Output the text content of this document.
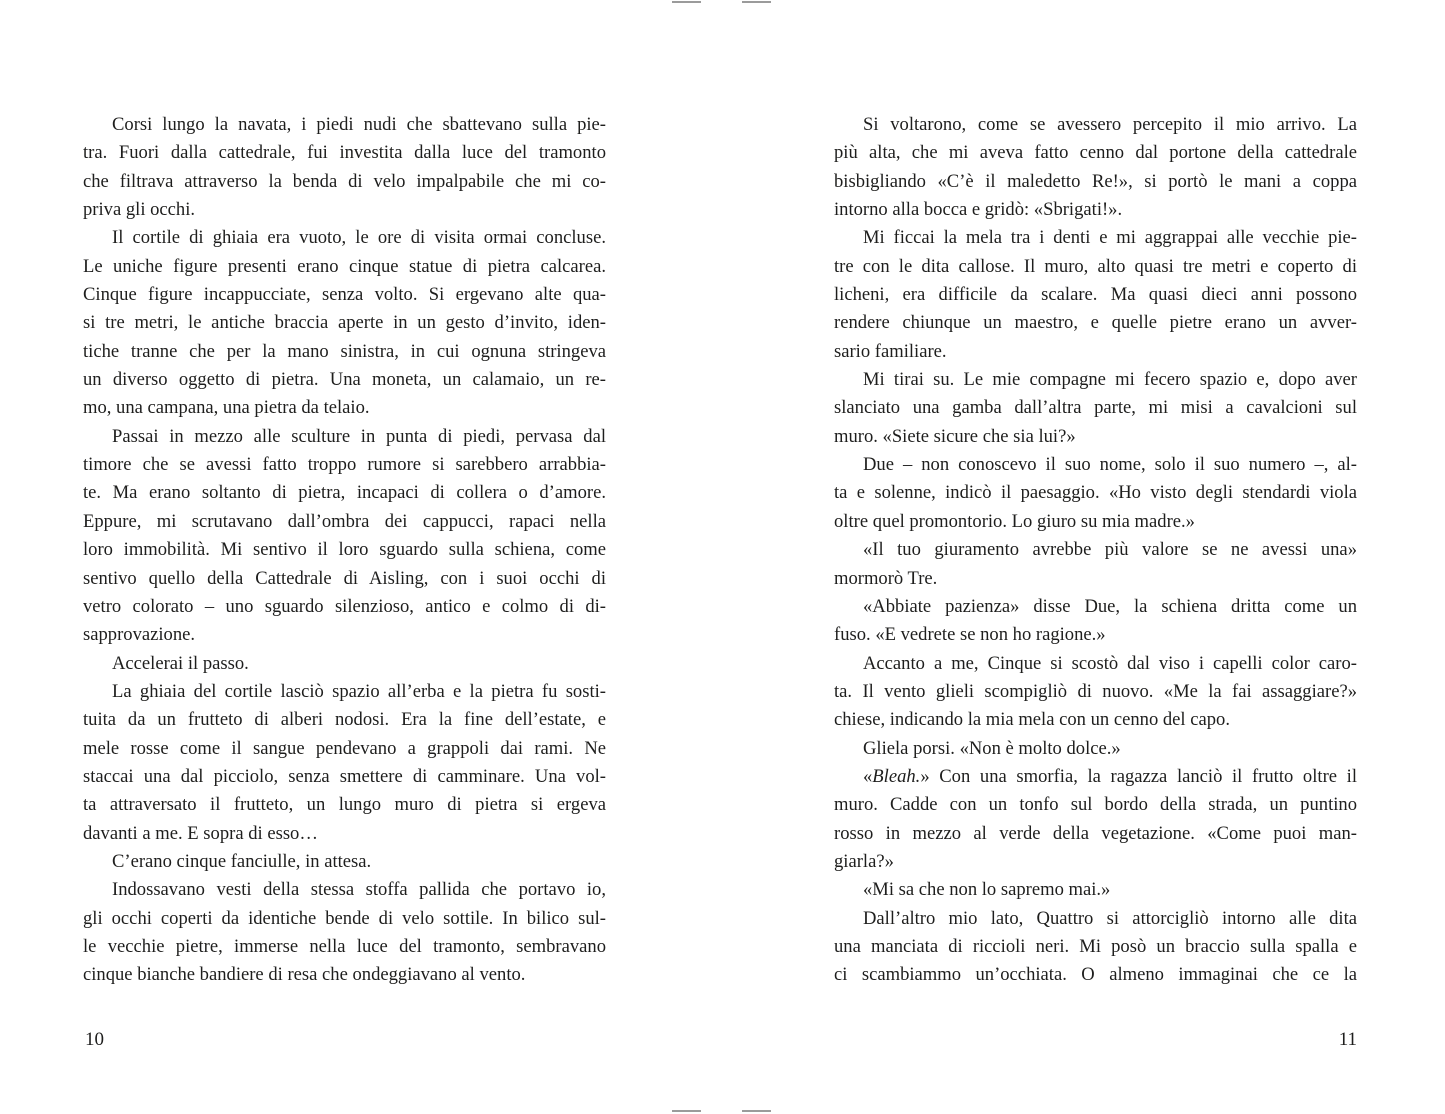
Corsi lungo la navata, i piedi nudi che sbattevano sulla pie-
tra. Fuori dalla cattedrale, fui investita dalla luce del tramonto
che filtrava attraverso la benda di velo impalpabile che mi co-
priva gli occhi.
Il cortile di ghiaia era vuoto, le ore di visita ormai concluse.
Le uniche figure presenti erano cinque statue di pietra calcarea.
Cinque figure incappucciate, senza volto. Si ergevano alte qua-
si tre metri, le antiche braccia aperte in un gesto d’invito, iden-
tiche tranne che per la mano sinistra, in cui ognuna stringeva
un diverso oggetto di pietra. Una moneta, un calamaio, un re-
mo, una campana, una pietra da telaio.
Passai in mezzo alle sculture in punta di piedi, pervasa dal
timore che se avessi fatto troppo rumore si sarebbero arrabbia-
te. Ma erano soltanto di pietra, incapaci di collera o d’amore.
Eppure, mi scrutavano dall’ombra dei cappucci, rapaci nella
loro immobilità. Mi sentivo il loro sguardo sulla schiena, come
sentivo quello della Cattedrale di Aisling, con i suoi occhi di
vetro colorato – uno sguardo silenzioso, antico e colmo di di-
sapprovazione.
Accelerai il passo.
La ghiaia del cortile lasciò spazio all’erba e la pietra fu sosti-
tuita da un frutteto di alberi nodosi. Era la fine dell’estate, e
mele rosse come il sangue pendevano a grappoli dai rami. Ne
staccai una dal picciolo, senza smettere di camminare. Una vol-
ta attraversato il frutteto, un lungo muro di pietra si ergeva
davanti a me. E sopra di esso…
C’erano cinque fanciulle, in attesa.
Indossavano vesti della stessa stoffa pallida che portavo io,
gli occhi coperti da identiche bende di velo sottile. In bilico sul-
le vecchie pietre, immerse nella luce del tramonto, sembravano
cinque bianche bandiere di resa che ondeggiavano al vento.
10
Si voltarono, come se avessero percepito il mio arrivo. La
più alta, che mi aveva fatto cenno dal portone della cattedrale
bisbigliando «C’è il maledetto Re!», si portò le mani a coppa
intorno alla bocca e gridò: «Sbrigati!».
Mi ficcai la mela tra i denti e mi aggrappai alle vecchie pie-
tre con le dita callose. Il muro, alto quasi tre metri e coperto di
licheni, era difficile da scalare. Ma quasi dieci anni possono
rendere chiunque un maestro, e quelle pietre erano un avver-
sario familiare.
Mi tirai su. Le mie compagne mi fecero spazio e, dopo aver
slanciato una gamba dall’altra parte, mi misi a cavalcioni sul
muro. «Siete sicure che sia lui?»
Due – non conoscevo il suo nome, solo il suo numero –, al-
ta e solenne, indicò il paesaggio. «Ho visto degli stendardi viola
oltre quel promontorio. Lo giuro su mia madre.»
«Il tuo giuramento avrebbe più valore se ne avessi una»
mormorò Tre.
«Abbiate pazienza» disse Due, la schiena dritta come un
fuso. «E vedrete se non ho ragione.»
Accanto a me, Cinque si scostò dal viso i capelli color caro-
ta. Il vento glieli scompigliò di nuovo. «Me la fai assaggiare?»
chiese, indicando la mia mela con un cenno del capo.
Gliela porsi. «Non è molto dolce.»
«Bleah.» Con una smorfia, la ragazza lanciò il frutto oltre il
muro. Cadde con un tonfo sul bordo della strada, un puntino
rosso in mezzo al verde della vegetazione. «Come puoi man-
giarla?»
«Mi sa che non lo sapremo mai.»
Dall’altro mio lato, Quattro si attorcigliò intorno alle dita
una manciata di riccioli neri. Mi posò un braccio sulla spalla e
ci scambiammo un’occhiata. O almeno immaginai che ce la
11
